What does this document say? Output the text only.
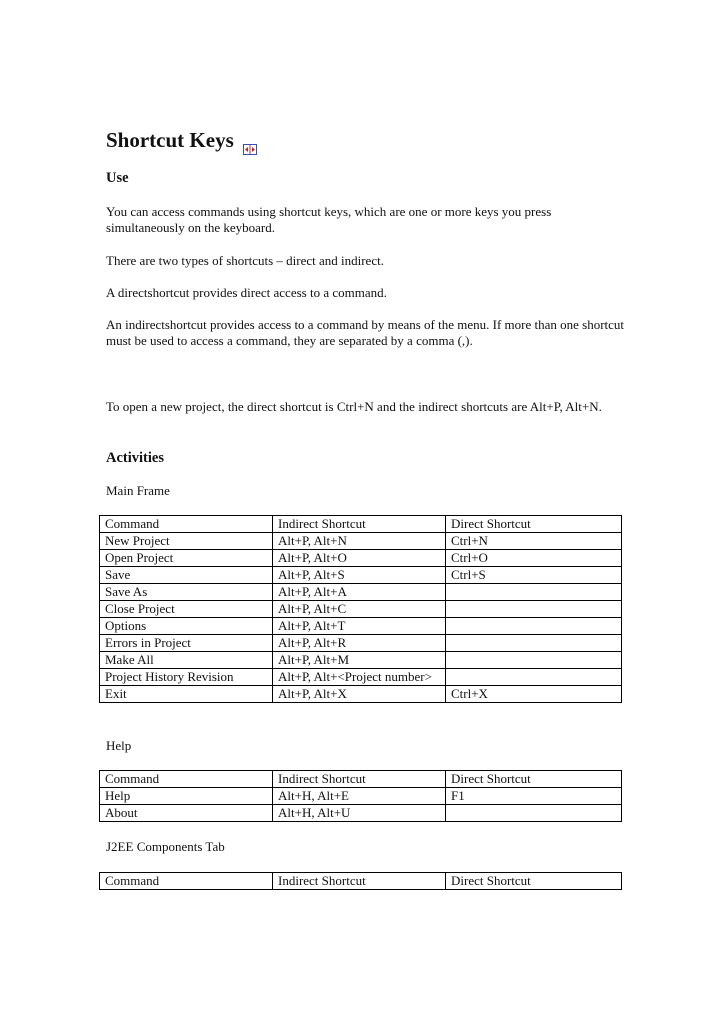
Shortcut Keys
Use
You can access commands using shortcut keys, which are one or more keys you press simultaneously on the keyboard.
There are two types of shortcuts – direct and indirect.
A directshortcut provides direct access to a command.
An indirectshortcut provides access to a command by means of the menu. If more than one shortcut must be used to access a command, they are separated by a comma (,).
To open a new project, the direct shortcut is Ctrl+N and the indirect shortcuts are Alt+P, Alt+N.
Activities
Main Frame
Command	Indirect Shortcut	Direct Shortcut
New Project	Alt+P, Alt+N	Ctrl+N
Open Project	Alt+P, Alt+O	Ctrl+O
Save	Alt+P, Alt+S	Ctrl+S
Save As	Alt+P, Alt+A	
Close Project	Alt+P, Alt+C	
Options	Alt+P, Alt+T	
Errors in Project	Alt+P, Alt+R	
Make All	Alt+P, Alt+M	
Project History Revision	Alt+P, Alt+<Project number>	
Exit	Alt+P, Alt+X	Ctrl+X
Help
Command	Indirect Shortcut	Direct Shortcut
Help	Alt+H, Alt+E	F1
About	Alt+H, Alt+U	
J2EE Components Tab
Command	Indirect Shortcut	Direct Shortcut
